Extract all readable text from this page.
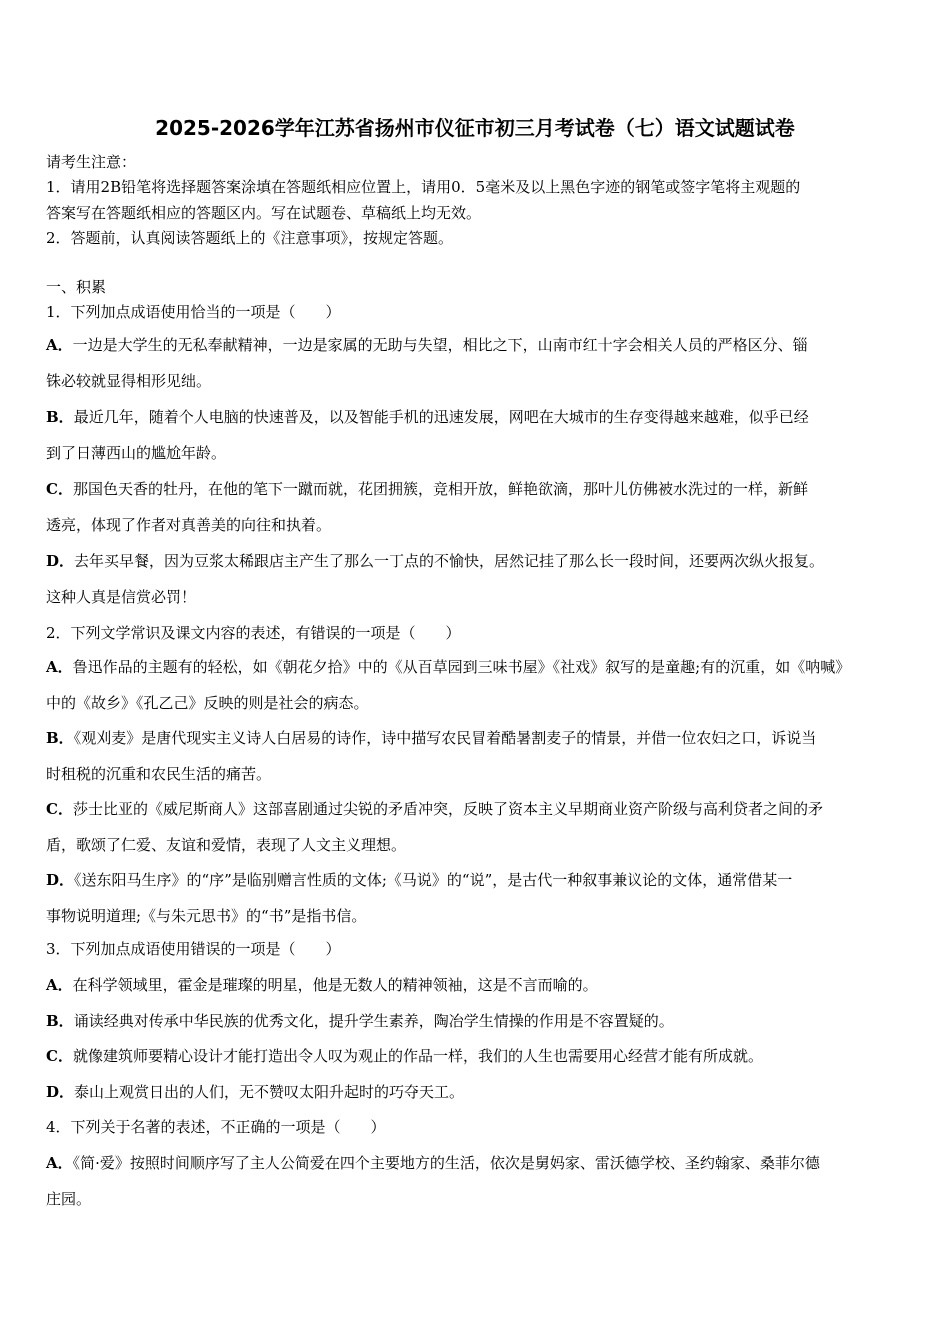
2025-2026学年江苏省扬州市仪征市初三月考试卷（七）语文试题试卷
请考生注意：
1．请用2B铅笔将选择题答案涂填在答题纸相应位置上，请用0．5毫米及以上黑色字迹的钢笔或签字笔将主观题的
答案写在答题纸相应的答题区内。写在试题卷、草稿纸上均无效。
2．答题前，认真阅读答题纸上的《注意事项》，按规定答题。
一、积累
1．下列加点成语使用恰当的一项是（　　）
A．一边是大学生的无私奉献精神，一边是家属的无助与失望，相比之下，山南市红十字会相关人员的严格区分、锱
铢必较就显得相形见绌。
B．最近几年，随着个人电脑的快速普及，以及智能手机的迅速发展，网吧在大城市的生存变得越来越难，似乎已经
到了日薄西山的尴尬年龄。
C．那国色天香的牡丹，在他的笔下一蹴而就，花团拥簇，竞相开放，鲜艳欲滴，那叶儿仿佛被水洗过的一样，新鲜
透亮，体现了作者对真善美的向往和执着。
D．去年买早餐，因为豆浆太稀跟店主产生了那么一丁点的不愉快，居然记挂了那么长一段时间，还要两次纵火报复。
这种人真是信赏必罚！
2．下列文学常识及课文内容的表述，有错误的一项是（　　）
A．鲁迅作品的主题有的轻松，如《朝花夕拾》中的《从百草园到三味书屋》《社戏》叙写的是童趣;有的沉重，如《呐喊》
中的《故乡》《孔乙己》反映的则是社会的病态。
B．《观刈麦》是唐代现实主义诗人白居易的诗作，诗中描写农民冒着酷暑割麦子的情景，并借一位农妇之口，诉说当
时租税的沉重和农民生活的痛苦。
C．莎士比亚的《威尼斯商人》这部喜剧通过尖锐的矛盾冲突，反映了资本主义早期商业资产阶级与高利贷者之间的矛
盾，歌颂了仁爱、友谊和爱情，表现了人文主义理想。
D．《送东阳马生序》的“序”是临别赠言性质的文体;《马说》的“说”，是古代一种叙事兼议论的文体，通常借某一
事物说明道理;《与朱元思书》的“书”是指书信。
3．下列加点成语使用错误的一项是（　　）
A．在科学领域里，霍金是璀璨的明星，他是无数人的精神领袖，这是不言而喻的。
B．诵读经典对传承中华民族的优秀文化，提升学生素养，陶冶学生情操的作用是不容置疑的。
C．就像建筑师要精心设计才能打造出令人叹为观止的作品一样，我们的人生也需要用心经营才能有所成就。
D．泰山上观赏日出的人们，无不赞叹太阳升起时的巧夺天工。
4．下列关于名著的表述，不正确的一项是（　　）
A．《简·爱》按照时间顺序写了主人公简爱在四个主要地方的生活，依次是舅妈家、雷沃德学校、圣约翰家、桑菲尔德
庄园。
